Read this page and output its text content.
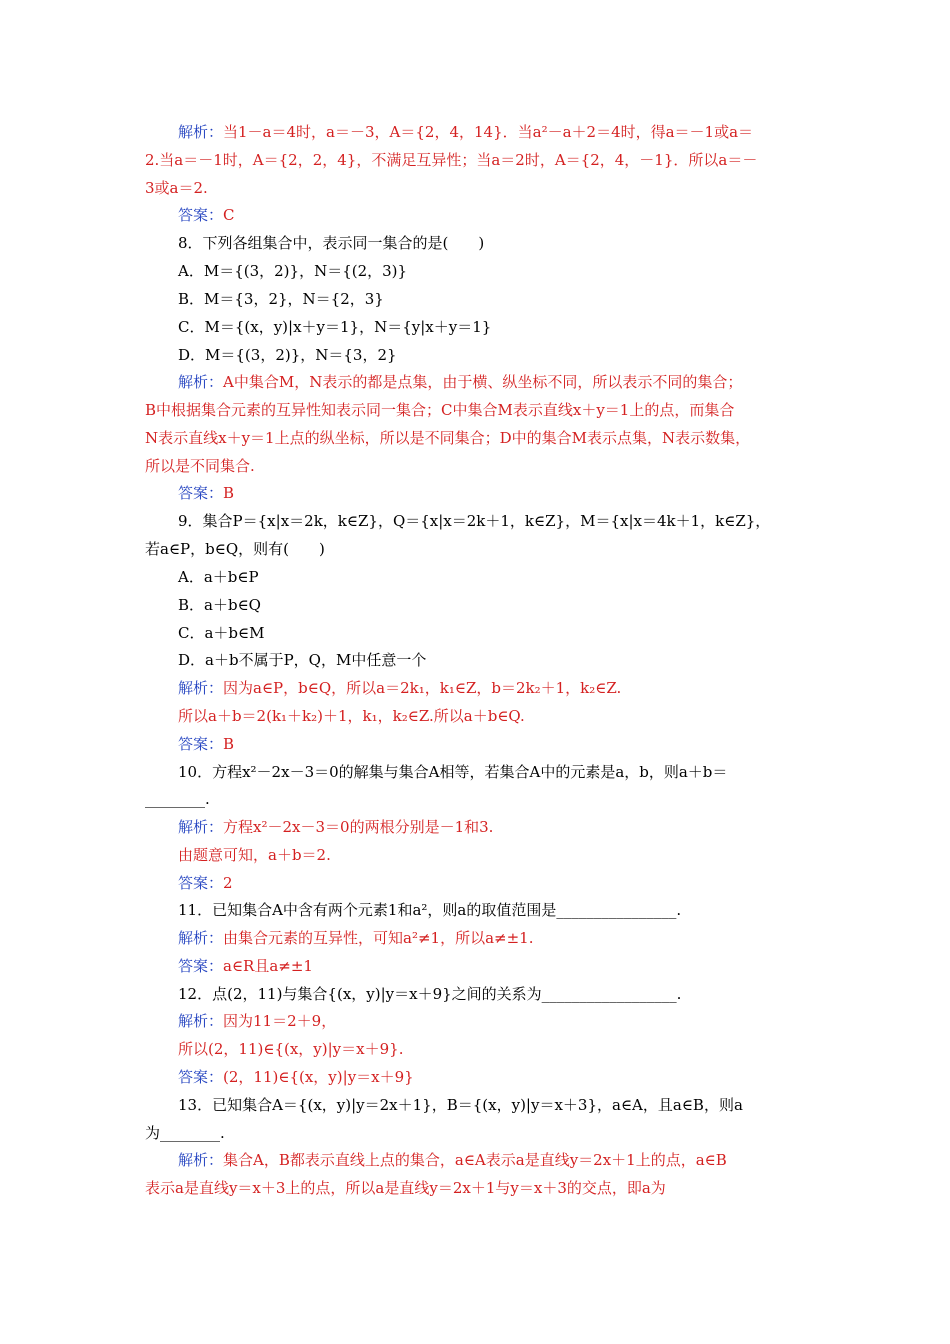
解析：当1－a＝4时，a＝－3，A＝{2，4，14}．当a²－a＋2＝4时，得a＝－1或a＝
2.当a＝－1时，A＝{2，2，4}，不满足互异性；当a＝2时，A＝{2，4，－1}．所以a＝－
3或a＝2.
答案：C
8．下列各组集合中，表示同一集合的是(　　)
A．M＝{(3，2)}，N＝{(2，3)}
B．M＝{3，2}，N＝{2，3}
C．M＝{(x，y)|x＋y＝1}，N＝{y|x＋y＝1}
D．M＝{(3，2)}，N＝{3，2}
解析：A中集合M，N表示的都是点集，由于横、纵坐标不同，所以表示不同的集合；
B中根据集合元素的互异性知表示同一集合；C中集合M表示直线x＋y＝1上的点，而集合
N表示直线x＋y＝1上点的纵坐标，所以是不同集合；D中的集合M表示点集，N表示数集，
所以是不同集合.
答案：B
9．集合P＝{x|x＝2k，k∈Z}，Q＝{x|x＝2k＋1，k∈Z}，M＝{x|x＝4k＋1，k∈Z}，
若a∈P，b∈Q，则有(　　)
A．a＋b∈P
B．a＋b∈Q
C．a＋b∈M
D．a＋b不属于P，Q，M中任意一个
解析：因为a∈P，b∈Q，所以a＝2k₁，k₁∈Z，b＝2k₂＋1，k₂∈Z.
所以a＋b＝2(k₁＋k₂)＋1，k₁，k₂∈Z.所以a＋b∈Q.
答案：B
10．方程x²－2x－3＝0的解集与集合A相等，若集合A中的元素是a，b，则a＋b＝
________.
解析：方程x²－2x－3＝0的两根分别是－1和3.
由题意可知，a＋b＝2.
答案：2
11．已知集合A中含有两个元素1和a²，则a的取值范围是________________.
解析：由集合元素的互异性，可知a²≠1，所以a≠±1.
答案：a∈R且a≠±1
12．点(2，11)与集合{(x，y)|y＝x＋9}之间的关系为__________________.
解析：因为11＝2＋9，
所以(2，11)∈{(x，y)|y＝x＋9}.
答案：(2，11)∈{(x，y)|y＝x＋9}
13．已知集合A＝{(x，y)|y＝2x＋1}，B＝{(x，y)|y＝x＋3}，a∈A，且a∈B，则a
为________.
解析：集合A，B都表示直线上点的集合，a∈A表示a是直线y＝2x＋1上的点，a∈B
表示a是直线y＝x＋3上的点，所以a是直线y＝2x＋1与y＝x＋3的交点，即a为
